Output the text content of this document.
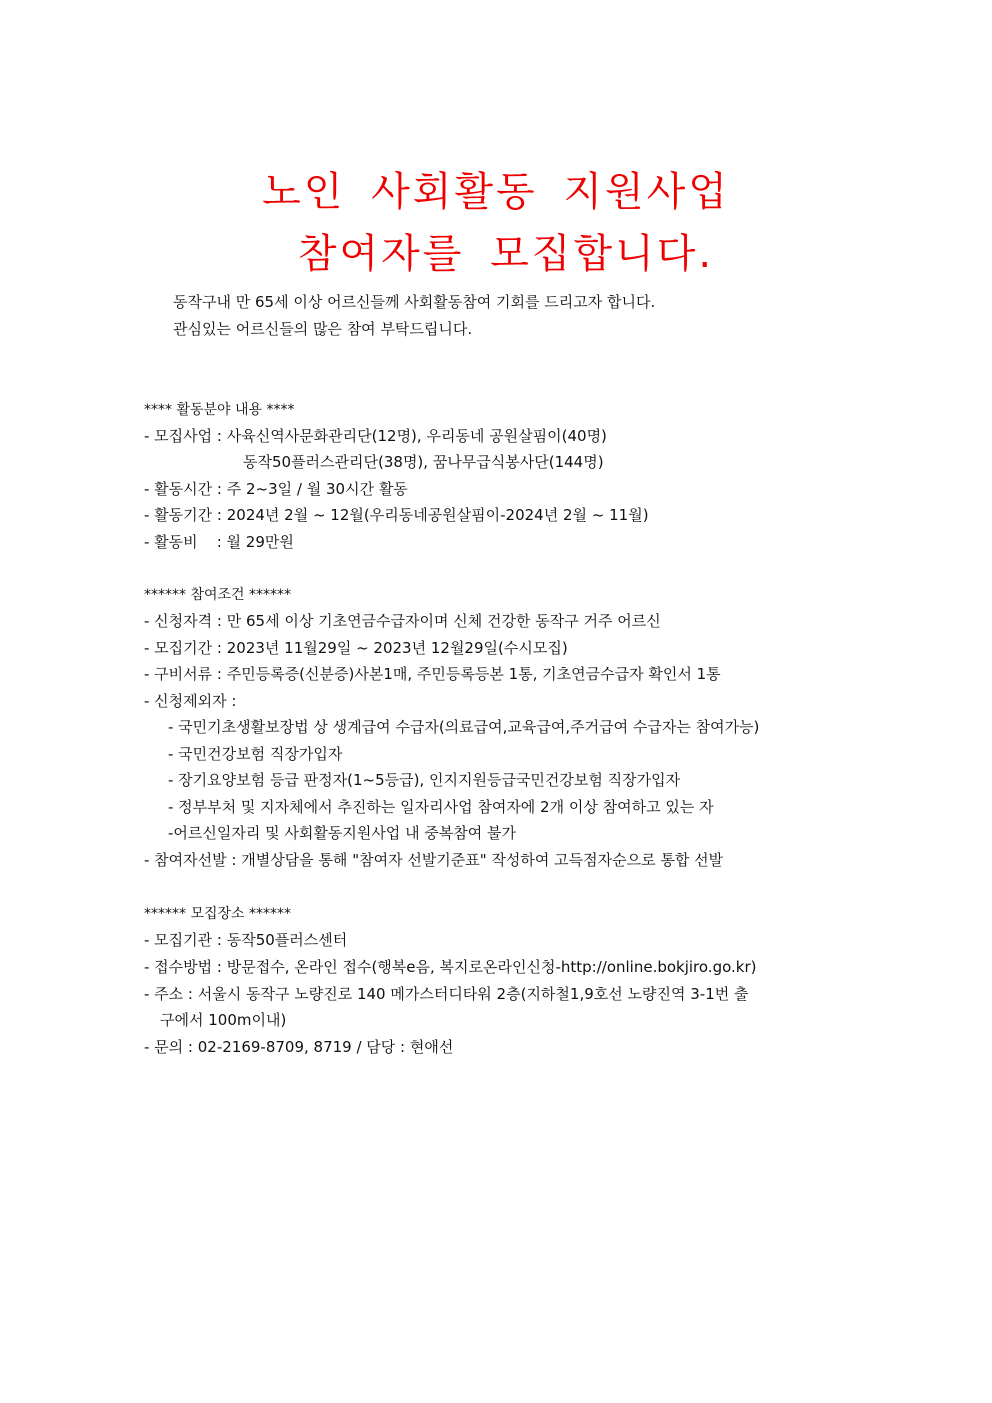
노인 사회활동 지원사업
참여자를 모집합니다.
동작구내 만 65세 이상 어르신들께 사회활동참여 기회를 드리고자 합니다.
관심있는 어르신들의 많은 참여 부탁드립니다.
**** 활동분야 내용 ****
- 모집사업 : 사육신역사문화관리단(12명), 우리동네 공원살핌이(40명)
동작50플러스관리단(38명), 꿈나무급식봉사단(144명)
- 활동시간 : 주 2~3일 / 월 30시간 활동
- 활동기간 : 2024년 2월 ~ 12월(우리동네공원살핌이-2024년 2월 ~ 11월)
- 활동비    : 월 29만원
****** 참여조건 ******
- 신청자격 : 만 65세 이상 기초연금수급자이며 신체 건강한 동작구 거주 어르신
- 모집기간 : 2023년 11월29일 ~ 2023년 12월29일(수시모집)
- 구비서류 : 주민등록증(신분증)사본1매, 주민등록등본 1통, 기초연금수급자 확인서 1통
- 신청제외자 :
- 국민기초생활보장법 상 생계급여 수급자(의료급여,교육급여,주거급여 수급자는 참여가능)
- 국민건강보험 직장가입자
- 장기요양보험 등급 판정자(1~5등급), 인지지원등급국민건강보험 직장가입자
- 정부부처 및 지자체에서 추진하는 일자리사업 참여자에 2개 이상 참여하고 있는 자
-어르신일자리 및 사회활동지원사업 내 중복참여 불가
- 참여자선발 : 개별상담을 통해 "참여자 선발기준표" 작성하여 고득점자순으로 통합 선발
****** 모집장소 ******
- 모집기관 : 동작50플러스센터
- 접수방법 : 방문접수, 온라인 접수(행복e음, 복지로온라인신청-http://online.bokjiro.go.kr)
- 주소 : 서울시 동작구 노량진로 140 메가스터디타워 2층(지하철1,9호선 노량진역 3-1번 출
구에서 100m이내)
- 문의 : 02-2169-8709, 8719 / 담당 : 현애선
